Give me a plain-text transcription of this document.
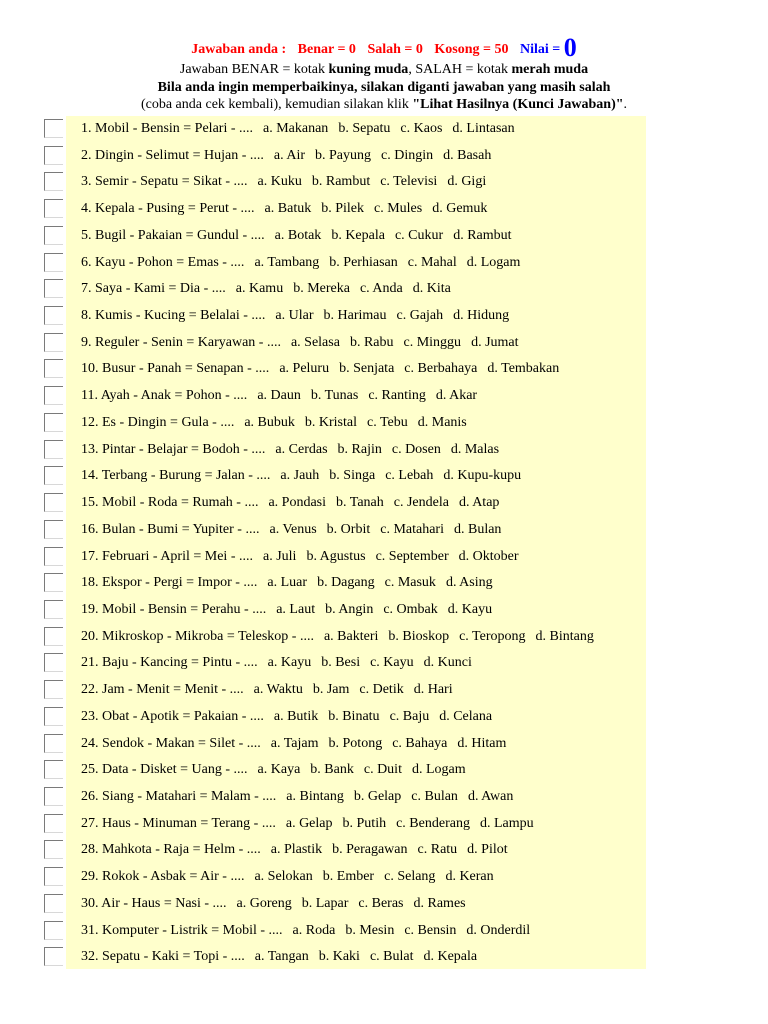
Jawaban anda : Benar = 0 Salah = 0 Kosong = 50 Nilai = 0
Jawaban BENAR = kotak kuning muda, SALAH = kotak merah muda
Bila anda ingin memperbaikinya, silakan diganti jawaban yang masih salah
(coba anda cek kembali), kemudian silakan klik "Lihat Hasilnya (Kunci Jawaban)".
1. Mobil - Bensin = Pelari - .... a. Makanan b. Sepatu c. Kaos d. Lintasan
2. Dingin - Selimut = Hujan - .... a. Air b. Payung c. Dingin d. Basah
3. Semir - Sepatu = Sikat - .... a. Kuku b. Rambut c. Televisi d. Gigi
4. Kepala - Pusing = Perut - .... a. Batuk b. Pilek c. Mules d. Gemuk
5. Bugil - Pakaian = Gundul - .... a. Botak b. Kepala c. Cukur d. Rambut
6. Kayu - Pohon = Emas - .... a. Tambang b. Perhiasan c. Mahal d. Logam
7. Saya - Kami = Dia - .... a. Kamu b. Mereka c. Anda d. Kita
8. Kumis - Kucing = Belalai - .... a. Ular b. Harimau c. Gajah d. Hidung
9. Reguler - Senin = Karyawan - .... a. Selasa b. Rabu c. Minggu d. Jumat
10. Busur - Panah = Senapan - .... a. Peluru b. Senjata c. Berbahaya d. Tembakan
11. Ayah - Anak = Pohon - .... a. Daun b. Tunas c. Ranting d. Akar
12. Es - Dingin = Gula - .... a. Bubuk b. Kristal c. Tebu d. Manis
13. Pintar - Belajar = Bodoh - .... a. Cerdas b. Rajin c. Dosen d. Malas
14. Terbang - Burung = Jalan - .... a. Jauh b. Singa c. Lebah d. Kupu-kupu
15. Mobil - Roda = Rumah - .... a. Pondasi b. Tanah c. Jendela d. Atap
16. Bulan - Bumi = Yupiter - .... a. Venus b. Orbit c. Matahari d. Bulan
17. Februari - April = Mei - .... a. Juli b. Agustus c. September d. Oktober
18. Ekspor - Pergi = Impor - .... a. Luar b. Dagang c. Masuk d. Asing
19. Mobil - Bensin = Perahu - .... a. Laut b. Angin c. Ombak d. Kayu
20. Mikroskop - Mikroba = Teleskop - .... a. Bakteri b. Bioskop c. Teropong d. Bintang
21. Baju - Kancing = Pintu - .... a. Kayu b. Besi c. Kayu d. Kunci
22. Jam - Menit = Menit - .... a. Waktu b. Jam c. Detik d. Hari
23. Obat - Apotik = Pakaian - .... a. Butik b. Binatu c. Baju d. Celana
24. Sendok - Makan = Silet - .... a. Tajam b. Potong c. Bahaya d. Hitam
25. Data - Disket = Uang - .... a. Kaya b. Bank c. Duit d. Logam
26. Siang - Matahari = Malam - .... a. Bintang b. Gelap c. Bulan d. Awan
27. Haus - Minuman = Terang - .... a. Gelap b. Putih c. Benderang d. Lampu
28. Mahkota - Raja = Helm - .... a. Plastik b. Peragawan c. Ratu d. Pilot
29. Rokok - Asbak = Air - .... a. Selokan b. Ember c. Selang d. Keran
30. Air - Haus = Nasi - .... a. Goreng b. Lapar c. Beras d. Rames
31. Komputer - Listrik = Mobil - .... a. Roda b. Mesin c. Bensin d. Onderdil
32. Sepatu - Kaki = Topi - .... a. Tangan b. Kaki c. Bulat d. Kepala
